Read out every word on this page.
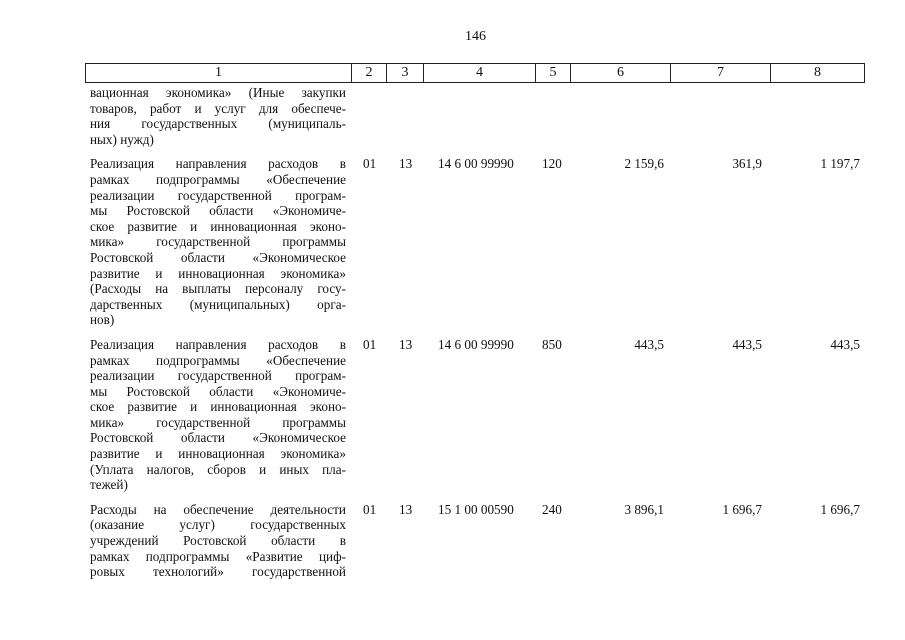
146
1	2	3	4	5	6	7	8
вационная экономика» (Иные закупки
товаров, работ и услуг для обеспече-
ния государственных (муниципаль-
ных) нужд)
Реализация направления расходов в
рамках подпрограммы «Обеспечение
реализации государственной програм-
мы Ростовской области «Экономиче-
ское развитие и инновационная эконо-
мика» государственной программы
Ростовской области «Экономическое
развитие и инновационная экономика»
(Расходы на выплаты персоналу госу-
дарственных (муниципальных) орга-
нов)
01	13	14 6 00 99990	120	2 159,6	361,9	1 197,7
Реализация направления расходов в
рамках подпрограммы «Обеспечение
реализации государственной програм-
мы Ростовской области «Экономиче-
ское развитие и инновационная эконо-
мика» государственной программы
Ростовской области «Экономическое
развитие и инновационная экономика»
(Уплата налогов, сборов и иных пла-
тежей)
01	13	14 6 00 99990	850	443,5	443,5	443,5
Расходы на обеспечение деятельности
(оказание услуг) государственных
учреждений Ростовской области в
рамках подпрограммы «Развитие циф-
ровых технологий» государственной
01	13	15 1 00 00590	240	3 896,1	1 696,7	1 696,7
